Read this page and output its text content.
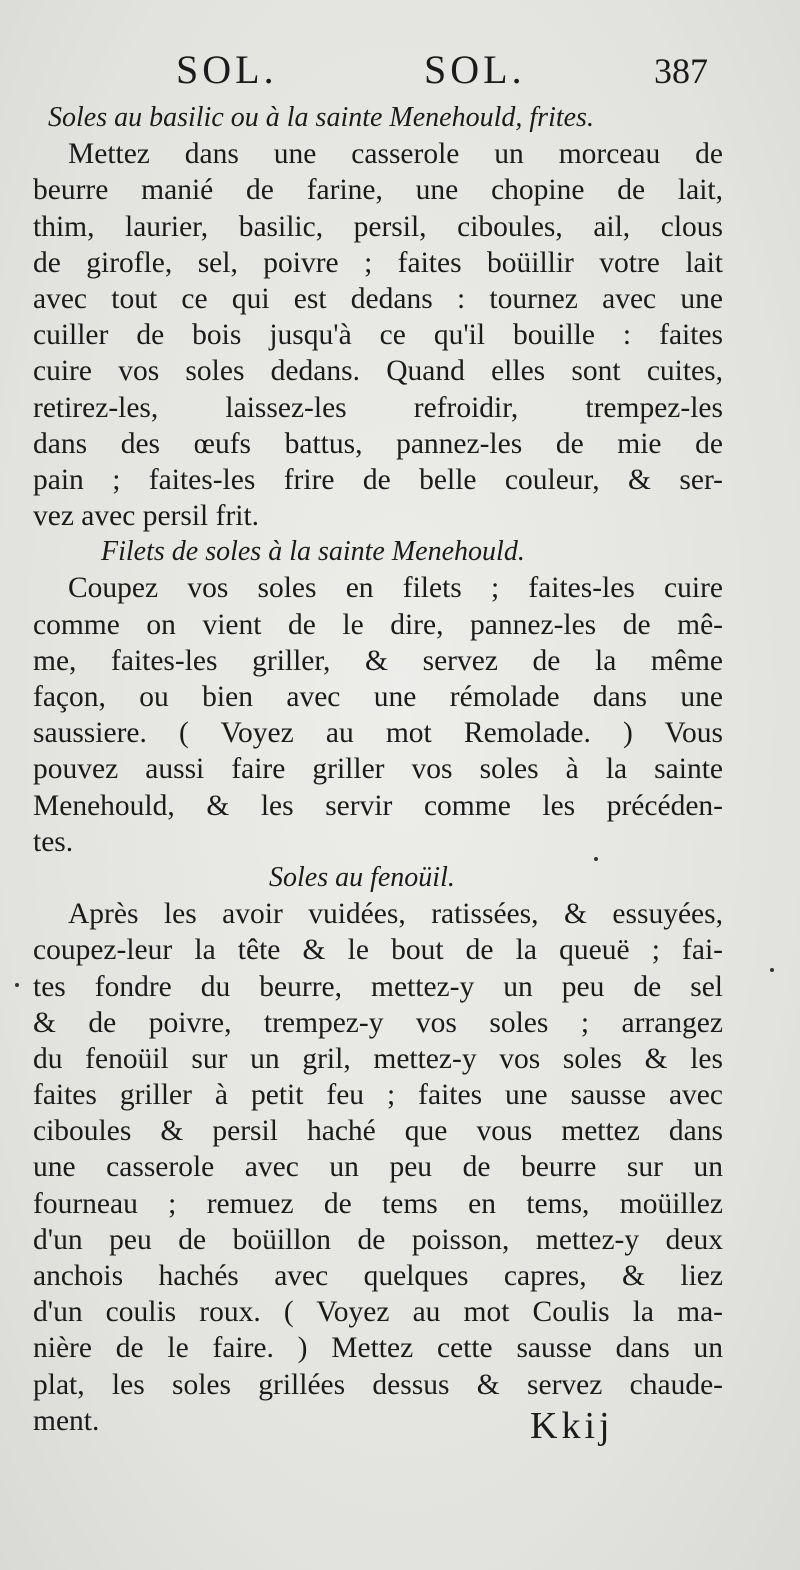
SOL.	SOL.	387
Soles au basilic ou à la sainte Menehould, frites.
Mettez dans une casserole un morceau de
beurre manié de farine, une chopine de lait,
thim, laurier, basilic, persil, ciboules, ail, clous
de girofle, sel, poivre ; faites boüillir votre lait
avec tout ce qui est dedans : tournez avec une
cuiller de bois jusqu'à ce qu'il bouille : faites
cuire vos soles dedans. Quand elles sont cuites,
retirez-les, laissez-les refroidir, trempez-les
dans des œufs battus, pannez-les de mie de
pain ; faites-les frire de belle couleur, & ser-
vez avec persil frit.
Filets de soles à la sainte Menehould.
Coupez vos soles en filets ; faites-les cuire
comme on vient de le dire, pannez-les de mê-
me, faites-les griller, & servez de la même
façon, ou bien avec une rémolade dans une
saussiere. ( Voyez au mot Remolade. ) Vous
pouvez aussi faire griller vos soles à la sainte
Menehould, & les servir comme les précéden-
tes.
Soles au fenoüil.
Après les avoir vuidées, ratissées, & essuyées,
coupez-leur la tête & le bout de la queuë ; fai-
tes fondre du beurre, mettez-y un peu de sel
& de poivre, trempez-y vos soles ; arrangez
du fenoüil sur un gril, mettez-y vos soles & les
faites griller à petit feu ; faites une sausse avec
ciboules & persil haché que vous mettez dans
une casserole avec un peu de beurre sur un
fourneau ; remuez de tems en tems, moüillez
d'un peu de boüillon de poisson, mettez-y deux
anchois hachés avec quelques capres, & liez
d'un coulis roux. ( Voyez au mot Coulis la ma-
nière de le faire. ) Mettez cette sausse dans un
plat, les soles grillées dessus & servez chaude-
ment.	Kkij
